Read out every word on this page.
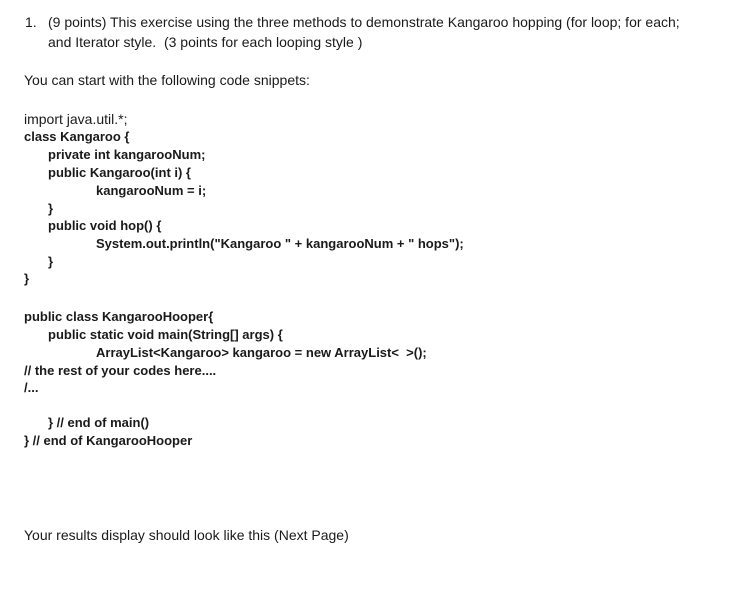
1. (9 points) This exercise using the three methods to demonstrate Kangaroo hopping (for loop; for each;
and Iterator style.  (3 points for each looping style )
You can start with the following code snippets:
import java.util.*;
class Kangaroo {
private int kangarooNum;
public Kangaroo(int i) {
kangarooNum = i;
}
public void hop() {
System.out.println("Kangaroo " + kangarooNum + " hops");
}
}
public class KangarooHooper{
public static void main(String[] args) {
ArrayList<Kangaroo> kangaroo = new ArrayList<  >();
// the rest of your codes here....
/...
} // end of main()
} // end of KangarooHooper
Your results display should look like this (Next Page)
